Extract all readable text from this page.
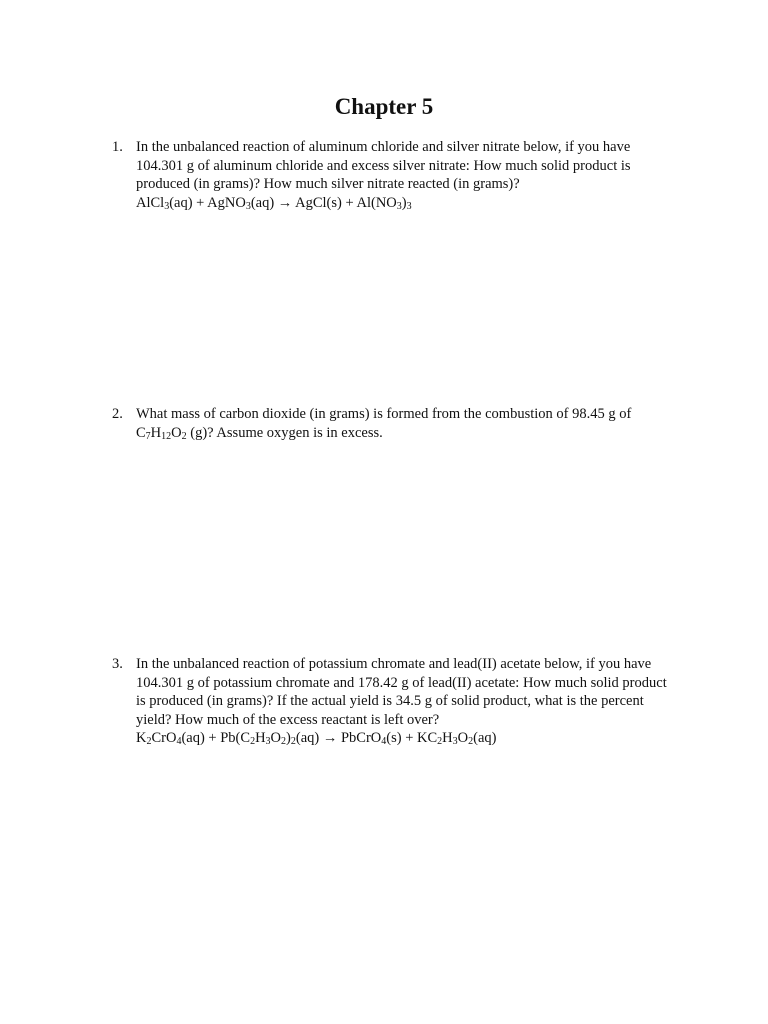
Chapter 5
1. In the unbalanced reaction of aluminum chloride and silver nitrate below, if you have 104.301 g of aluminum chloride and excess silver nitrate: How much solid product is produced (in grams)? How much silver nitrate reacted (in grams)?

AlCl$_3$(aq) + AgNO$_3$(aq) → AgCl(s) + $Al(NO_3)_3$

2. What mass of carbon dioxide (in grams) is formed from the combustion of 98.45 g of

$C_7H_{12}O_2$ (g)? Assume oxygen is in excess.

3. In the unbalanced reaction of potassium chromate and lead(II) acetate below, if you have 104.301 g of potassium chromate and 178.42 g of lead(II) acetate: How much solid product is produced (in grams)? If the actual yield is 34.5 g of solid product, what is the percent yield? How much of the excess reactant is left over?

$K_2CrO_4(aq) + Pb(C_2H_3O_2)_2(aq)$ → PbCrO$_4$(s) + $KC_2H_3O_2(aq)$
